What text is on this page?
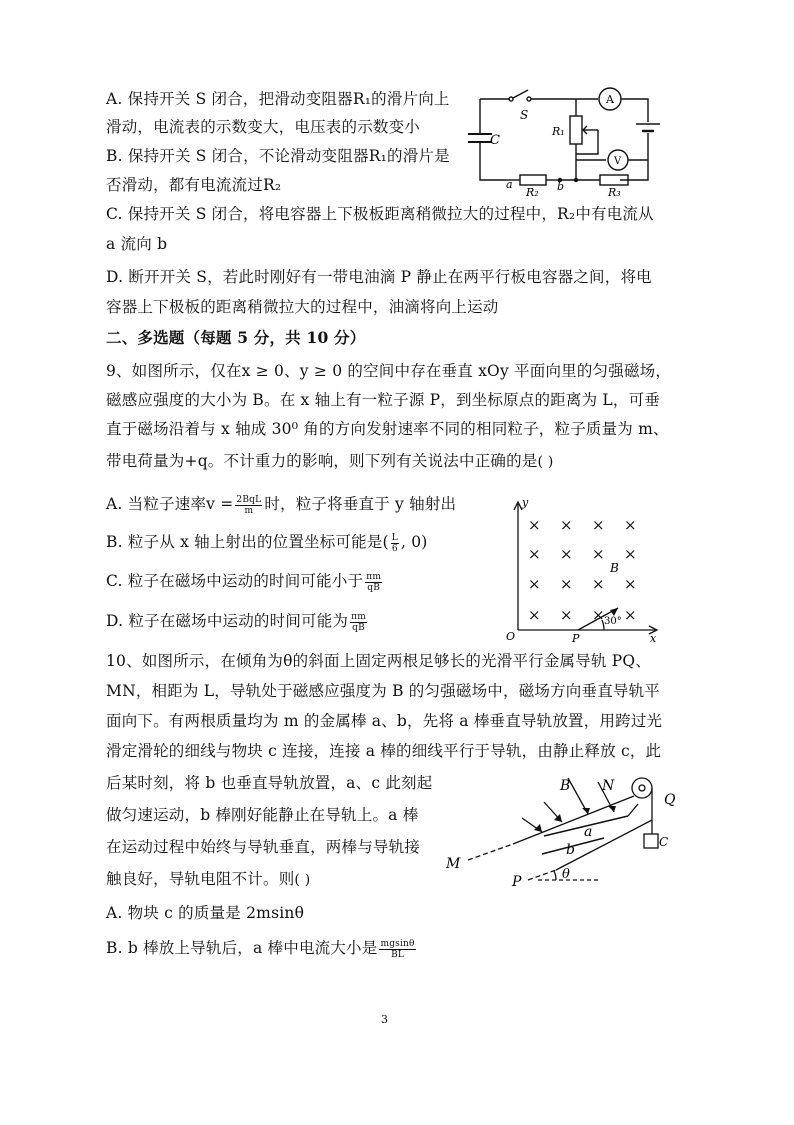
A. 保持开关 S 闭合，把滑动变阻器R₁的滑片向上
滑动，电流表的示数变大，电压表的示数变小
B. 保持开关 S 闭合，不论滑动变阻器R₁的滑片是
否滑动，都有电流流过R₂
C. 保持开关 S 闭合，将电容器上下极板距离稍微拉大的过程中，R₂中有电流从
a 流向 b
D. 断开开关 S，若此时刚好有一带电油滴 P 静止在两平行板电容器之间，将电
容器上下极板的距离稍微拉大的过程中，油滴将向上运动
A
V
S
C
R₁
R₂	R₃
a	b
二、多选题（每题 5 分，共 10 分）
9、如图所示，仅在x ≥ 0、y ≥ 0 的空间中存在垂直 xOy 平面向里的匀强磁场，
磁感应强度的大小为 B。在 x 轴上有一粒子源 P，到坐标原点的距离为 L，可垂
直于磁场沿着与 x 轴成 30⁰ 角的方向发射速率不同的相同粒子，粒子质量为 m、
带电荷量为+q。不计重力的影响，则下列有关说法中正确的是( )
A. 当粒子速率$v = \frac{\text{2BqL}}{m}$ 时，粒子将垂直于 y 轴射出
B. 粒子从 x 轴上射出的位置坐标可能是( $\frac{L}{6}$ , 0)
C. 粒子在磁场中运动的时间可能小于 $\frac{\pi m}{qB}$
D. 粒子在磁场中运动的时间可能为 $\frac{\pi m}{qB}$
× × × ×
× × × ×
× × × ×
× × × ×
y
x
O	P
B
30°
10、如图所示，在倾角为θ的斜面上固定两根足够长的光滑平行金属导轨 PQ、
MN，相距为 L，导轨处于磁感应强度为 B 的匀强磁场中，磁场方向垂直导轨平
面向下。有两根质量均为 m 的金属棒 a、b，先将 a 棒垂直导轨放置，用跨过光
滑定滑轮的细线与物块 c 连接，连接 a 棒的细线平行于导轨，由静止释放 c，此
后某时刻，将 b 也垂直导轨放置，a、c 此刻起
做匀速运动，b 棒刚好能静止在导轨上。a 棒
在运动过程中始终与导轨垂直，两棒与导轨接
触良好，导轨电阻不计。则( )
A. 物块 c 的质量是 2msinθ
B. b 棒放上导轨后，a 棒中电流大小是 $\frac{mgsin\theta}{BL}$
B N
Q
a
b	C
M
P	θ
3
